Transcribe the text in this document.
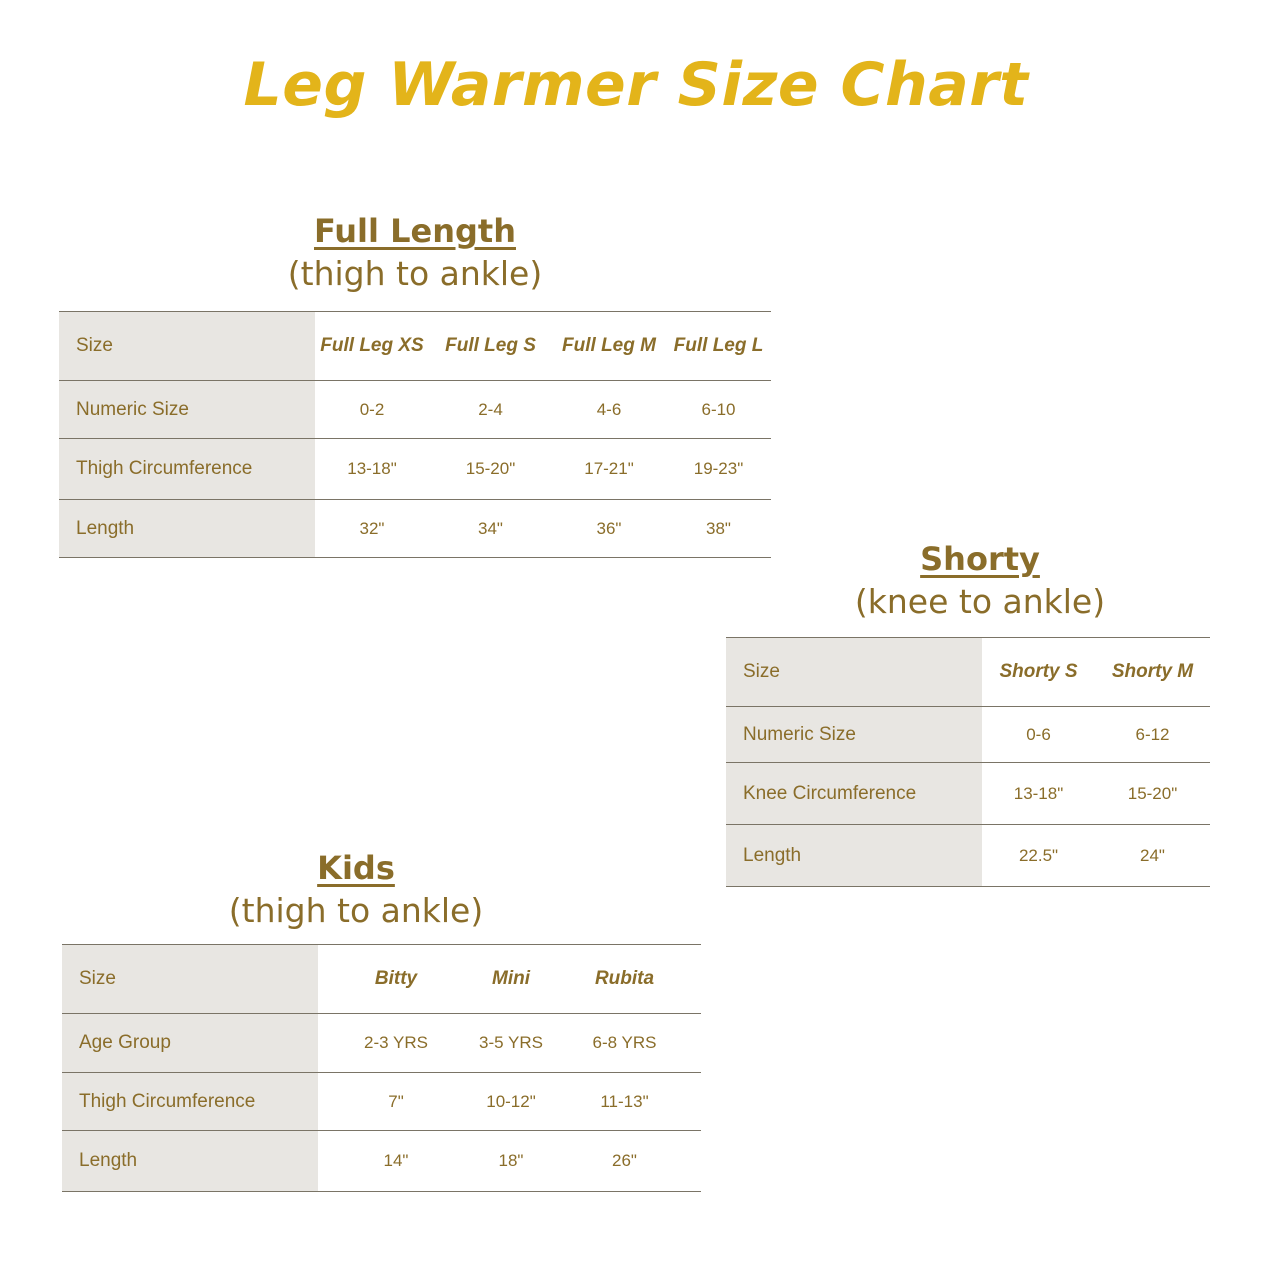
Leg Warmer Size Chart
Full Length
(thigh to ankle)
Size	Full Leg XS	Full Leg S	Full Leg M	Full Leg L
Numeric Size	0-2	2-4	4-6	6-10
Thigh Circumference	13-18"	15-20"	17-21"	19-23"
Length	32"	34"	36"	38"
Shorty
(knee to ankle)
Size	Shorty S	Shorty M
Numeric Size	0-6	6-12
Knee Circumference	13-18"	15-20"
Length	22.5"	24"
Kids
(thigh to ankle)
Size	Bitty	Mini	Rubita
Age Group	2-3 YRS	3-5 YRS	6-8 YRS
Thigh Circumference	7"	10-12"	11-13"
Length	14"	18"	26"
